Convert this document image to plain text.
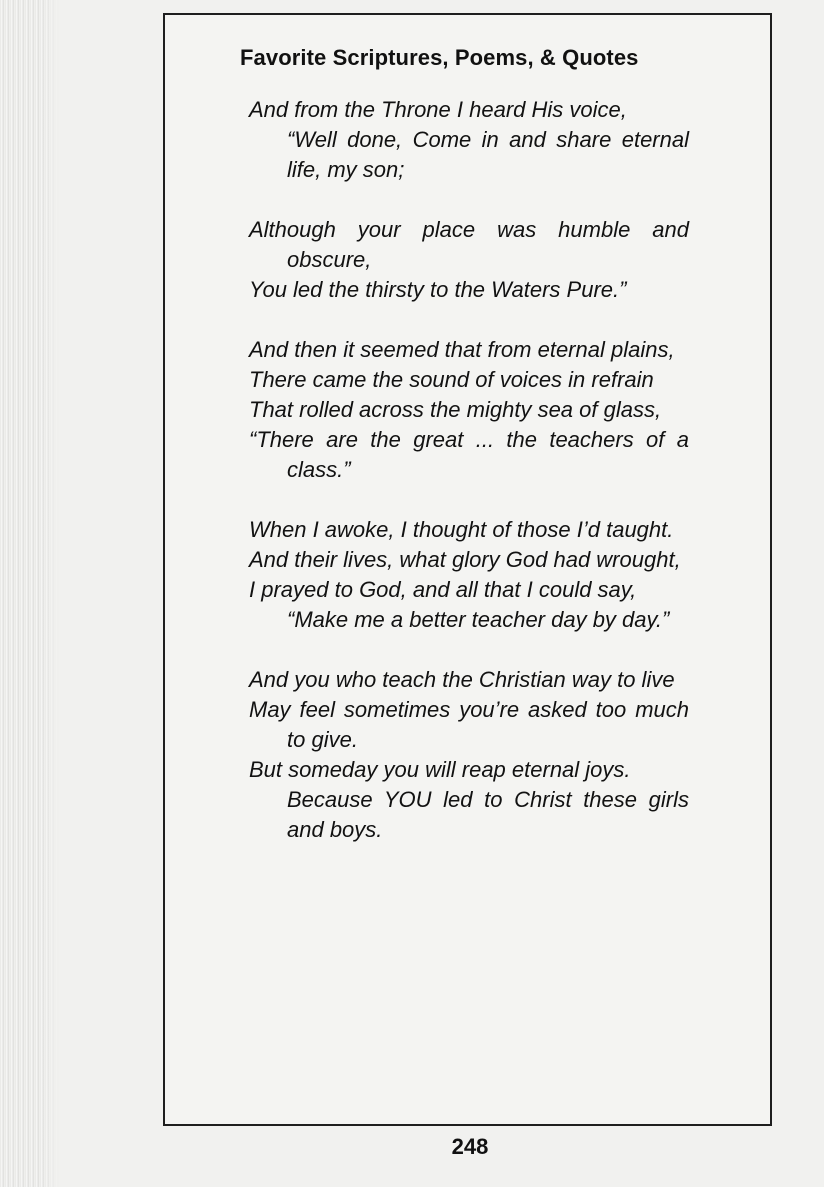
Favorite Scriptures, Poems, & Quotes
And from the Throne I heard His voice,
“Well done, Come in and share eternal life, my son;
Although your place was humble and obscure,
You led the thirsty to the Waters Pure.”
And then it seemed that from eternal plains,
There came the sound of voices in refrain
That rolled across the mighty sea of glass,
“There are the great ... the teachers of a class.”
When I awoke, I thought of those I’d taught.
And their lives, what glory God had wrought,
I prayed to God, and all that I could say,
“Make me a better teacher day by day.”
And you who teach the Christian way to live
May feel sometimes you’re asked too much to give.
But someday you will reap eternal joys.
Because YOU led to Christ these girls and boys.
248
